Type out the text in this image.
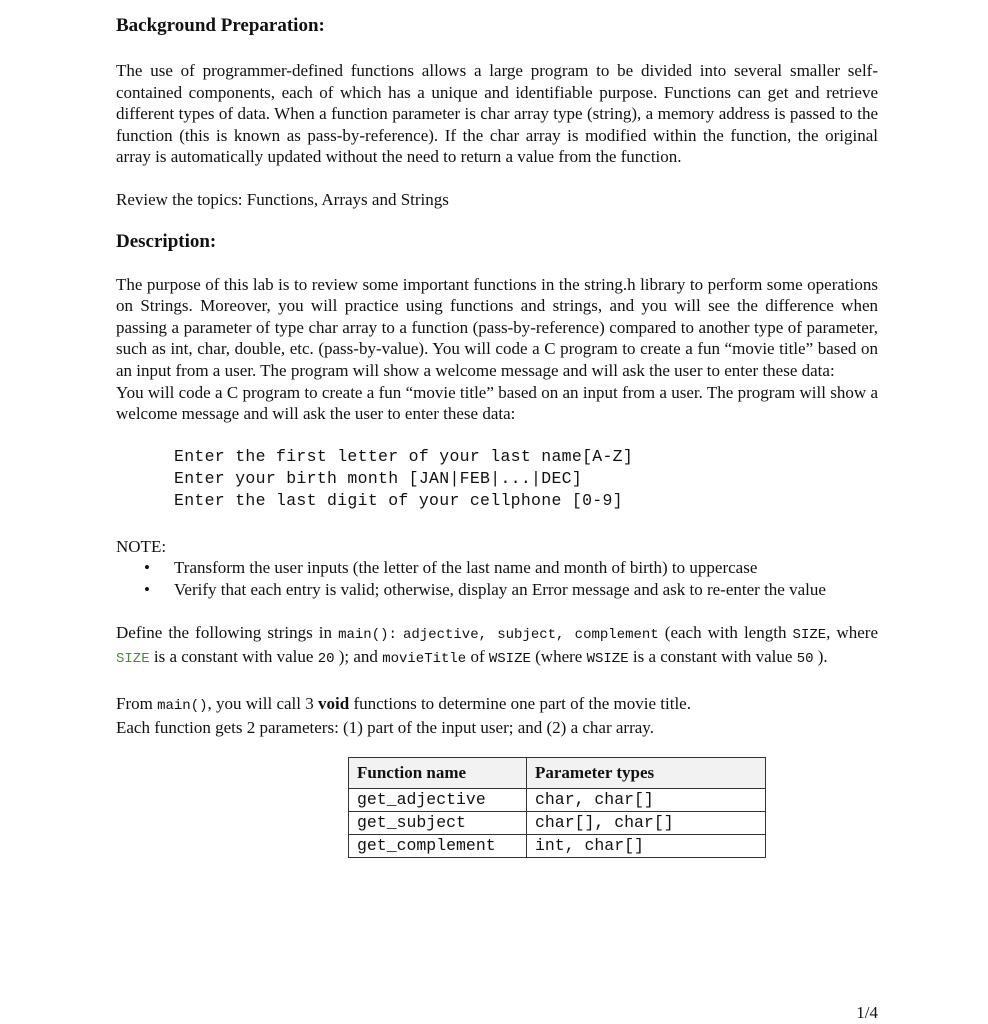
Background Preparation:

The use of programmer-defined functions allows a large program to be divided into several smaller self-contained components, each of which has a unique and identifiable purpose. Functions can get and retrieve different types of data. When a function parameter is char array type (string), a memory address is passed to the function (this is known as pass-by-reference). If the char array is modified within the function, the original array is automatically updated without the need to return a value from the function.

Review the topics: Functions, Arrays and Strings

Description:

The purpose of this lab is to review some important functions in the string.h library to perform some operations on Strings. Moreover, you will practice using functions and strings, and you will see the difference when passing a parameter of type char array to a function (pass-by-reference) compared to another type of parameter, such as int, char, double, etc. (pass-by-value). You will code a C program to create a fun “movie title” based on an input from a user. The program will show a welcome message and will ask the user to enter these data:

You will code a C program to create a fun “movie title” based on an input from a user. The program will show a welcome message and will ask the user to enter these data:

Enter the first letter of your last name[A-Z]
Enter your birth month [JAN|FEB|...|DEC]
Enter the last digit of your cellphone [0-9]

NOTE:

• Transform the user inputs (the letter of the last name and month of birth) to uppercase
• Verify that each entry is valid; otherwise, display an Error message and ask to re-enter the value

Define the following strings in main(): adjective, subject, complement (each with length SIZE, where SIZE is a constant with value 20 ); and movieTitle of WSIZE (where WSIZE is a constant with value 50 ).

From main(), you will call 3 void functions to determine one part of the movie title.

Each function gets 2 parameters: (1) part of the input user; and (2) a char array.

Function name	Parameter types
get_adjective	char, char[]
get_subject	char[], char[]
get_complement	int, char[]
1/4
